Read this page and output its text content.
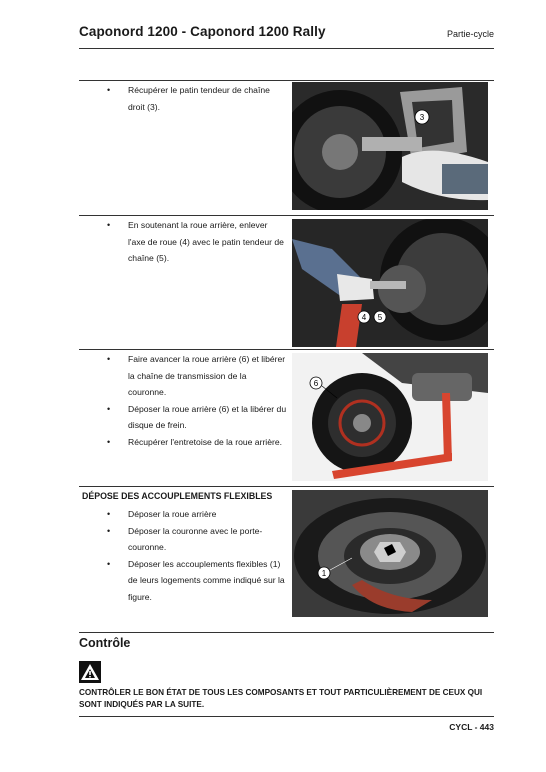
Caponord 1200 - Caponord 1200 Rally	Partie-cycle
• Récupérer le patin tendeur de chaîne droit (3).
3
• En soutenant la roue arrière, enlever l'axe de roue (4) avec le patin tendeur de chaîne (5).
4 5
• Faire avancer la roue arrière (6) et libérer la chaîne de transmission de la couronne.
• Déposer la roue arrière (6) et la libérer du disque de frein.
• Récupérer l'entretoise de la roue arrière.
6
DÉPOSE DES ACCOUPLEMENTS FLEXIBLES
• Déposer la roue arrière
• Déposer la couronne avec le porte-couronne.
• Déposer les accouplements flexibles (1) de leurs logements comme indiqué sur la figure.
1
Contrôle
CONTRÔLER LE BON ÉTAT DE TOUS LES COMPOSANTS ET TOUT PARTICULIÈREMENT DE CEUX QUI SONT INDIQUÉS PAR LA SUITE.
CYCL - 443
